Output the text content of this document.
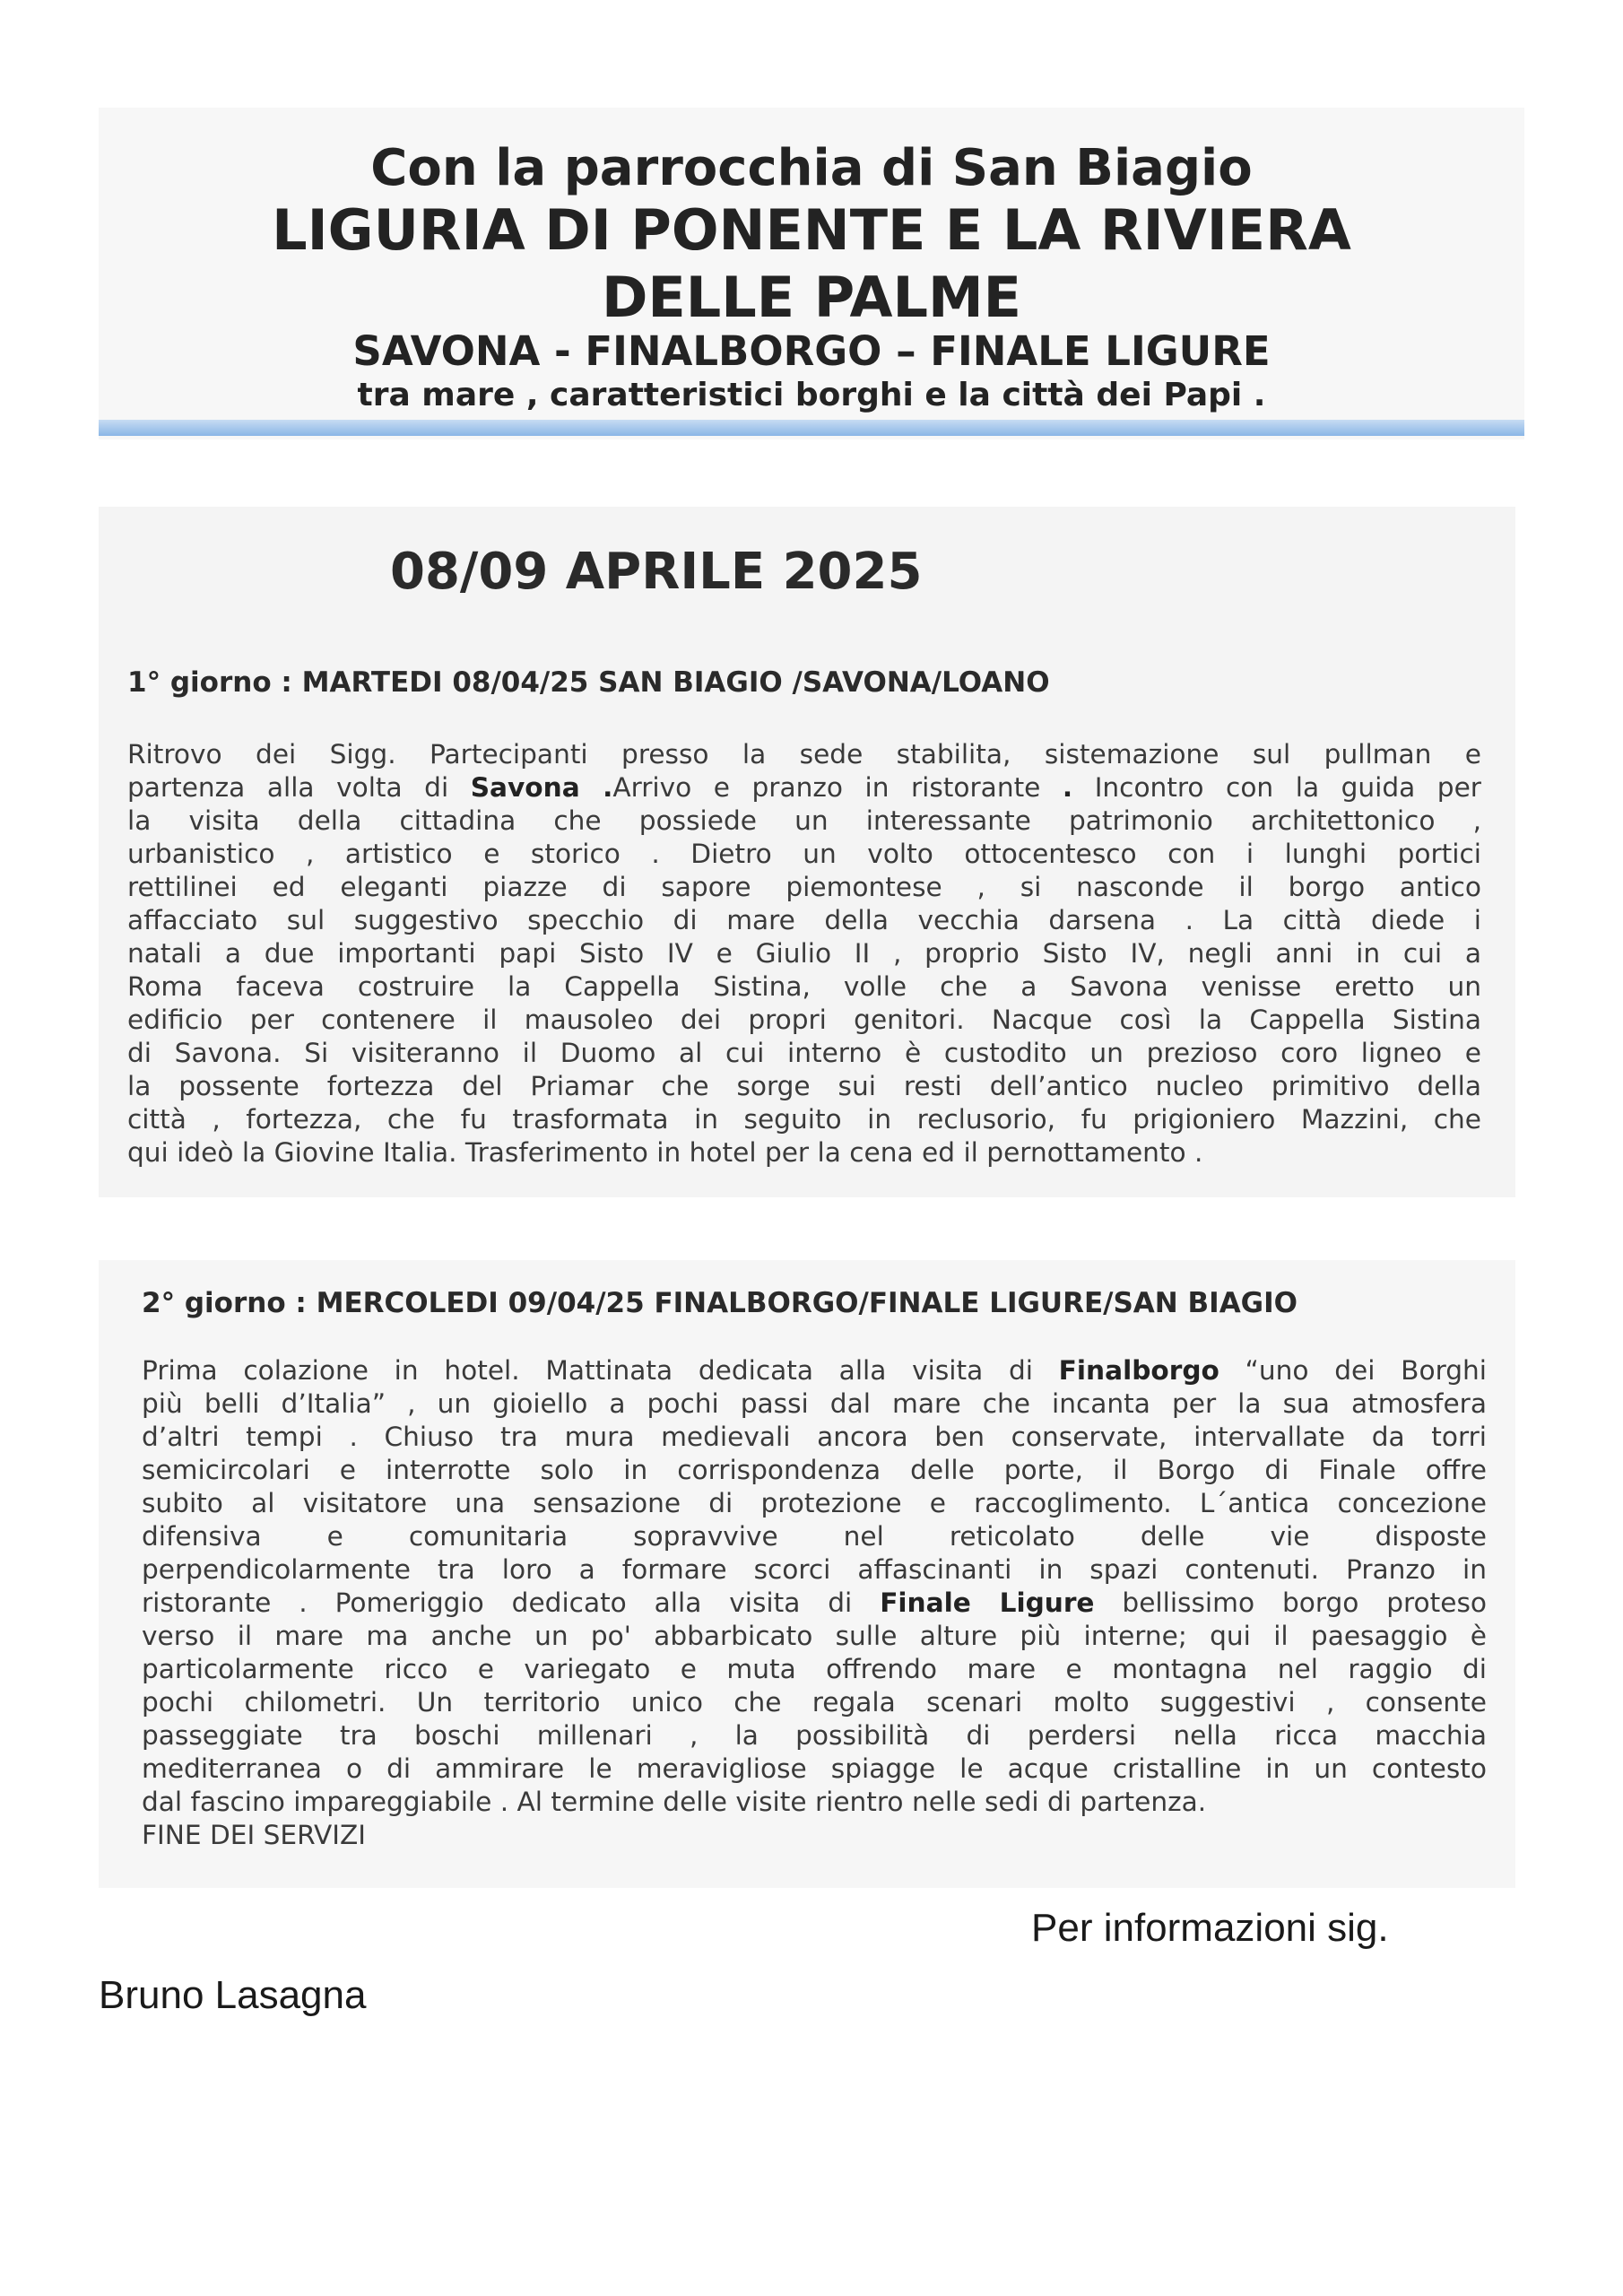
Con la parrocchia di San Biagio
LIGURIA DI PONENTE E LA RIVIERA
DELLE PALME
SAVONA - FINALBORGO – FINALE LIGURE
tra mare , caratteristici borghi e la città dei Papi .
08/09 APRILE 2025
1° giorno : MARTEDI 08/04/25 SAN BIAGIO /SAVONA/LOANO
Ritrovo dei Sigg. Partecipanti presso la sede stabilita, sistemazione sul pullman e
partenza alla volta di Savona .Arrivo e pranzo in ristorante . Incontro con la guida per
la visita della cittadina che possiede un interessante patrimonio architettonico ,
urbanistico , artistico e storico . Dietro un volto ottocentesco con i lunghi portici
rettilinei ed eleganti piazze di sapore piemontese , si nasconde il borgo antico
affacciato sul suggestivo specchio di mare della vecchia darsena . La città diede i
natali a due importanti papi Sisto IV e Giulio II , proprio Sisto IV, negli anni in cui a
Roma faceva costruire la Cappella Sistina, volle che a Savona venisse eretto un
edificio per contenere il mausoleo dei propri genitori. Nacque così la Cappella Sistina
di Savona. Si visiteranno il Duomo al cui interno è custodito un prezioso coro ligneo e
la possente fortezza del Priamar che sorge sui resti dell’antico nucleo primitivo della
città , fortezza, che fu trasformata in seguito in reclusorio, fu prigioniero Mazzini, che
qui ideò la Giovine Italia. Trasferimento in hotel per la cena ed il pernottamento .
2° giorno : MERCOLEDI 09/04/25 FINALBORGO/FINALE LIGURE/SAN BIAGIO
Prima colazione in hotel. Mattinata dedicata alla visita di Finalborgo “uno dei Borghi
più belli d’Italia” , un gioiello a pochi passi dal mare che incanta per la sua atmosfera
d’altri tempi . Chiuso tra mura medievali ancora ben conservate, intervallate da torri
semicircolari e interrotte solo in corrispondenza delle porte, il Borgo di Finale offre
subito al visitatore una sensazione di protezione e raccoglimento. L´antica concezione
difensiva e comunitaria sopravvive nel reticolato delle vie disposte
perpendicolarmente tra loro a formare scorci affascinanti in spazi contenuti. Pranzo in
ristorante . Pomeriggio dedicato alla visita di Finale Ligure bellissimo borgo proteso
verso il mare ma anche un po' abbarbicato sulle alture più interne; qui il paesaggio è
particolarmente ricco e variegato e muta offrendo mare e montagna nel raggio di
pochi chilometri. Un territorio unico che regala scenari molto suggestivi , consente
passeggiate tra boschi millenari , la possibilità di perdersi nella ricca macchia
mediterranea o di ammirare le meravigliose spiagge le acque cristalline in un contesto
dal fascino impareggiabile . Al termine delle visite rientro nelle sedi di partenza.
FINE DEI SERVIZI
Per informazioni sig.
Bruno Lasagna
